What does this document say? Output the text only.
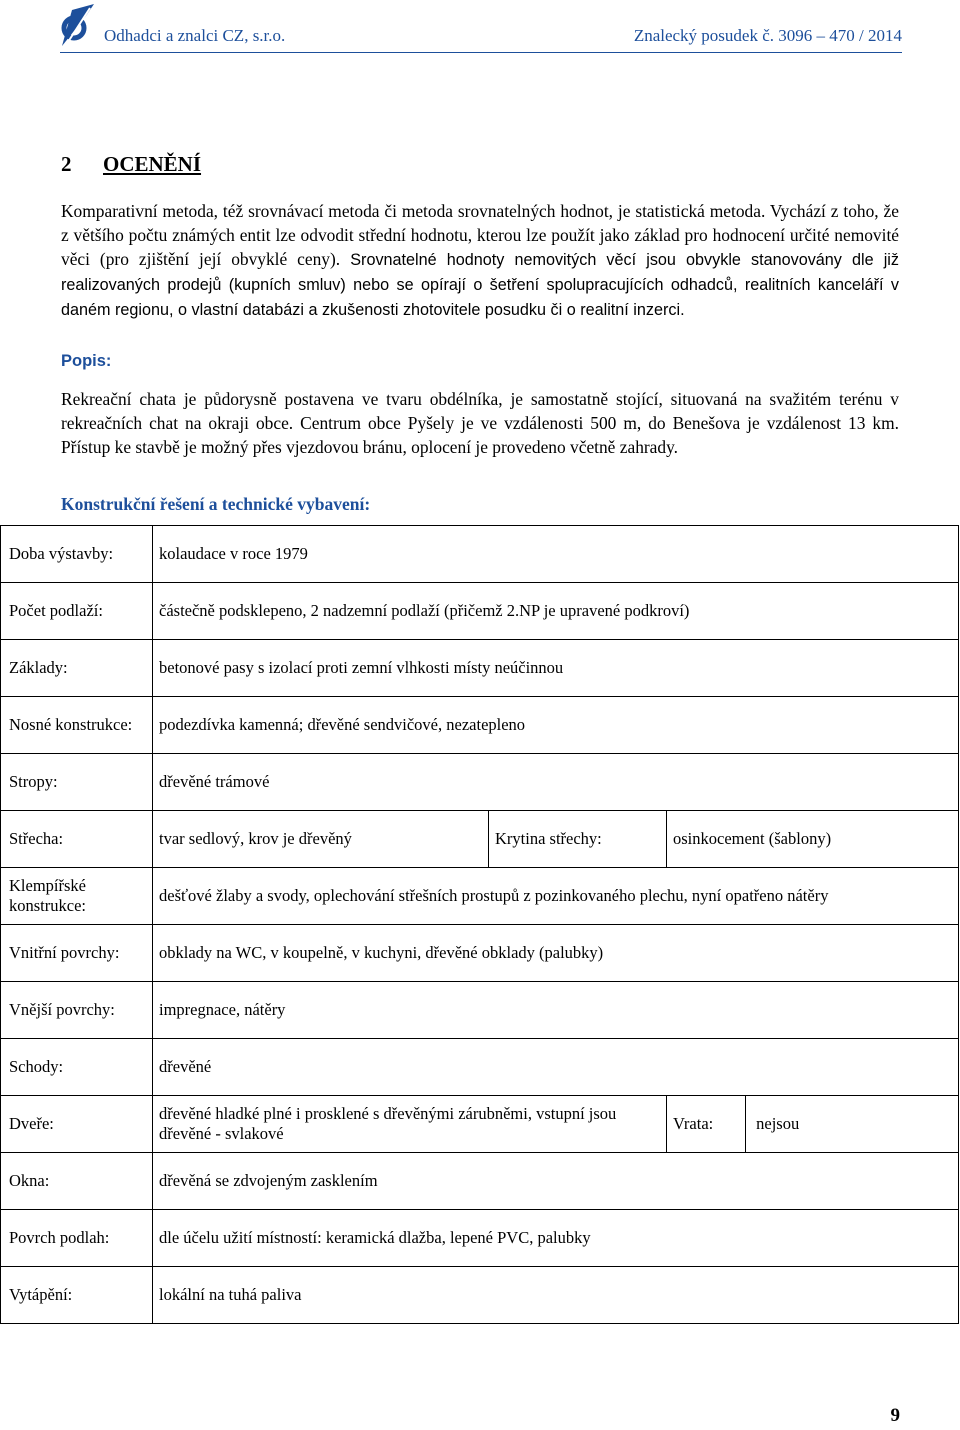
Odhadci a znalci CZ, s.r.o.	Znalecký posudek č. 3096 – 470 / 2014
2 OCENĚNÍ
Komparativní metoda, též srovnávací metoda či metoda srovnatelných hodnot, je statistická metoda. Vychází z toho, že z většího počtu známých entit lze odvodit střední hodnotu, kterou lze použít jako základ pro hodnocení určité nemovité věci (pro zjištění její obvyklé ceny). Srovnatelné hodnoty nemovitých věcí jsou obvykle stanovovány dle již realizovaných prodejů (kupních smluv) nebo se opírají o šetření spolupracujících odhadců, realitních kanceláří v daném regionu, o vlastní databázi a zkušenosti zhotovitele posudku či o realitní inzerci.
Popis:
Rekreační chata je půdorysně postavena ve tvaru obdélníka, je samostatně stojící, situovaná na svažitém terénu v rekreačních chat na okraji obce. Centrum obce Pyšely je ve vzdálenosti 500 m, do Benešova je vzdálenost 13 km. Přístup ke stavbě je možný přes vjezdovou bránu, oplocení je provedeno včetně zahrady.
Konstrukční řešení a technické vybavení:
Doba výstavby:	kolaudace v roce 1979		
Počet podlaží:	částečně podsklepeno, 2 nadzemní podlaží (přičemž 2.NP je upravené podkroví)		
Základy:	betonové pasy s izolací proti zemní vlhkosti místy neúčinnou		
Nosné konstrukce:	podezdívka kamenná; dřevěné sendvičové, nezatepleno		
Stropy:	dřevěné trámové		
Střecha:	tvar sedlový, krov je dřevěný	Krytina střechy:	osinkocement (šablony)
Klempířské konstrukce:	dešťové žlaby a svody, oplechování střešních prostupů z pozinkovaného plechu, nyní opatřeno nátěry		
Vnitřní povrchy:	obklady na WC, v koupelně, v kuchyni, dřevěné obklady (palubky)		
Vnější povrchy:	impregnace, nátěry		
Schody:	dřevěné		
Dveře:	dřevěné hladké plné i prosklené s dřevěnými zárubněmi, vstupní jsou dřevěné - svlakové		Vrata: nejsou
Okna:	dřevěná se zdvojeným zasklením		
Povrch podlah:	dle účelu užití místností: keramická dlažba, lepené PVC, palubky		
Vytápění:	lokální na tuhá paliva		
9
